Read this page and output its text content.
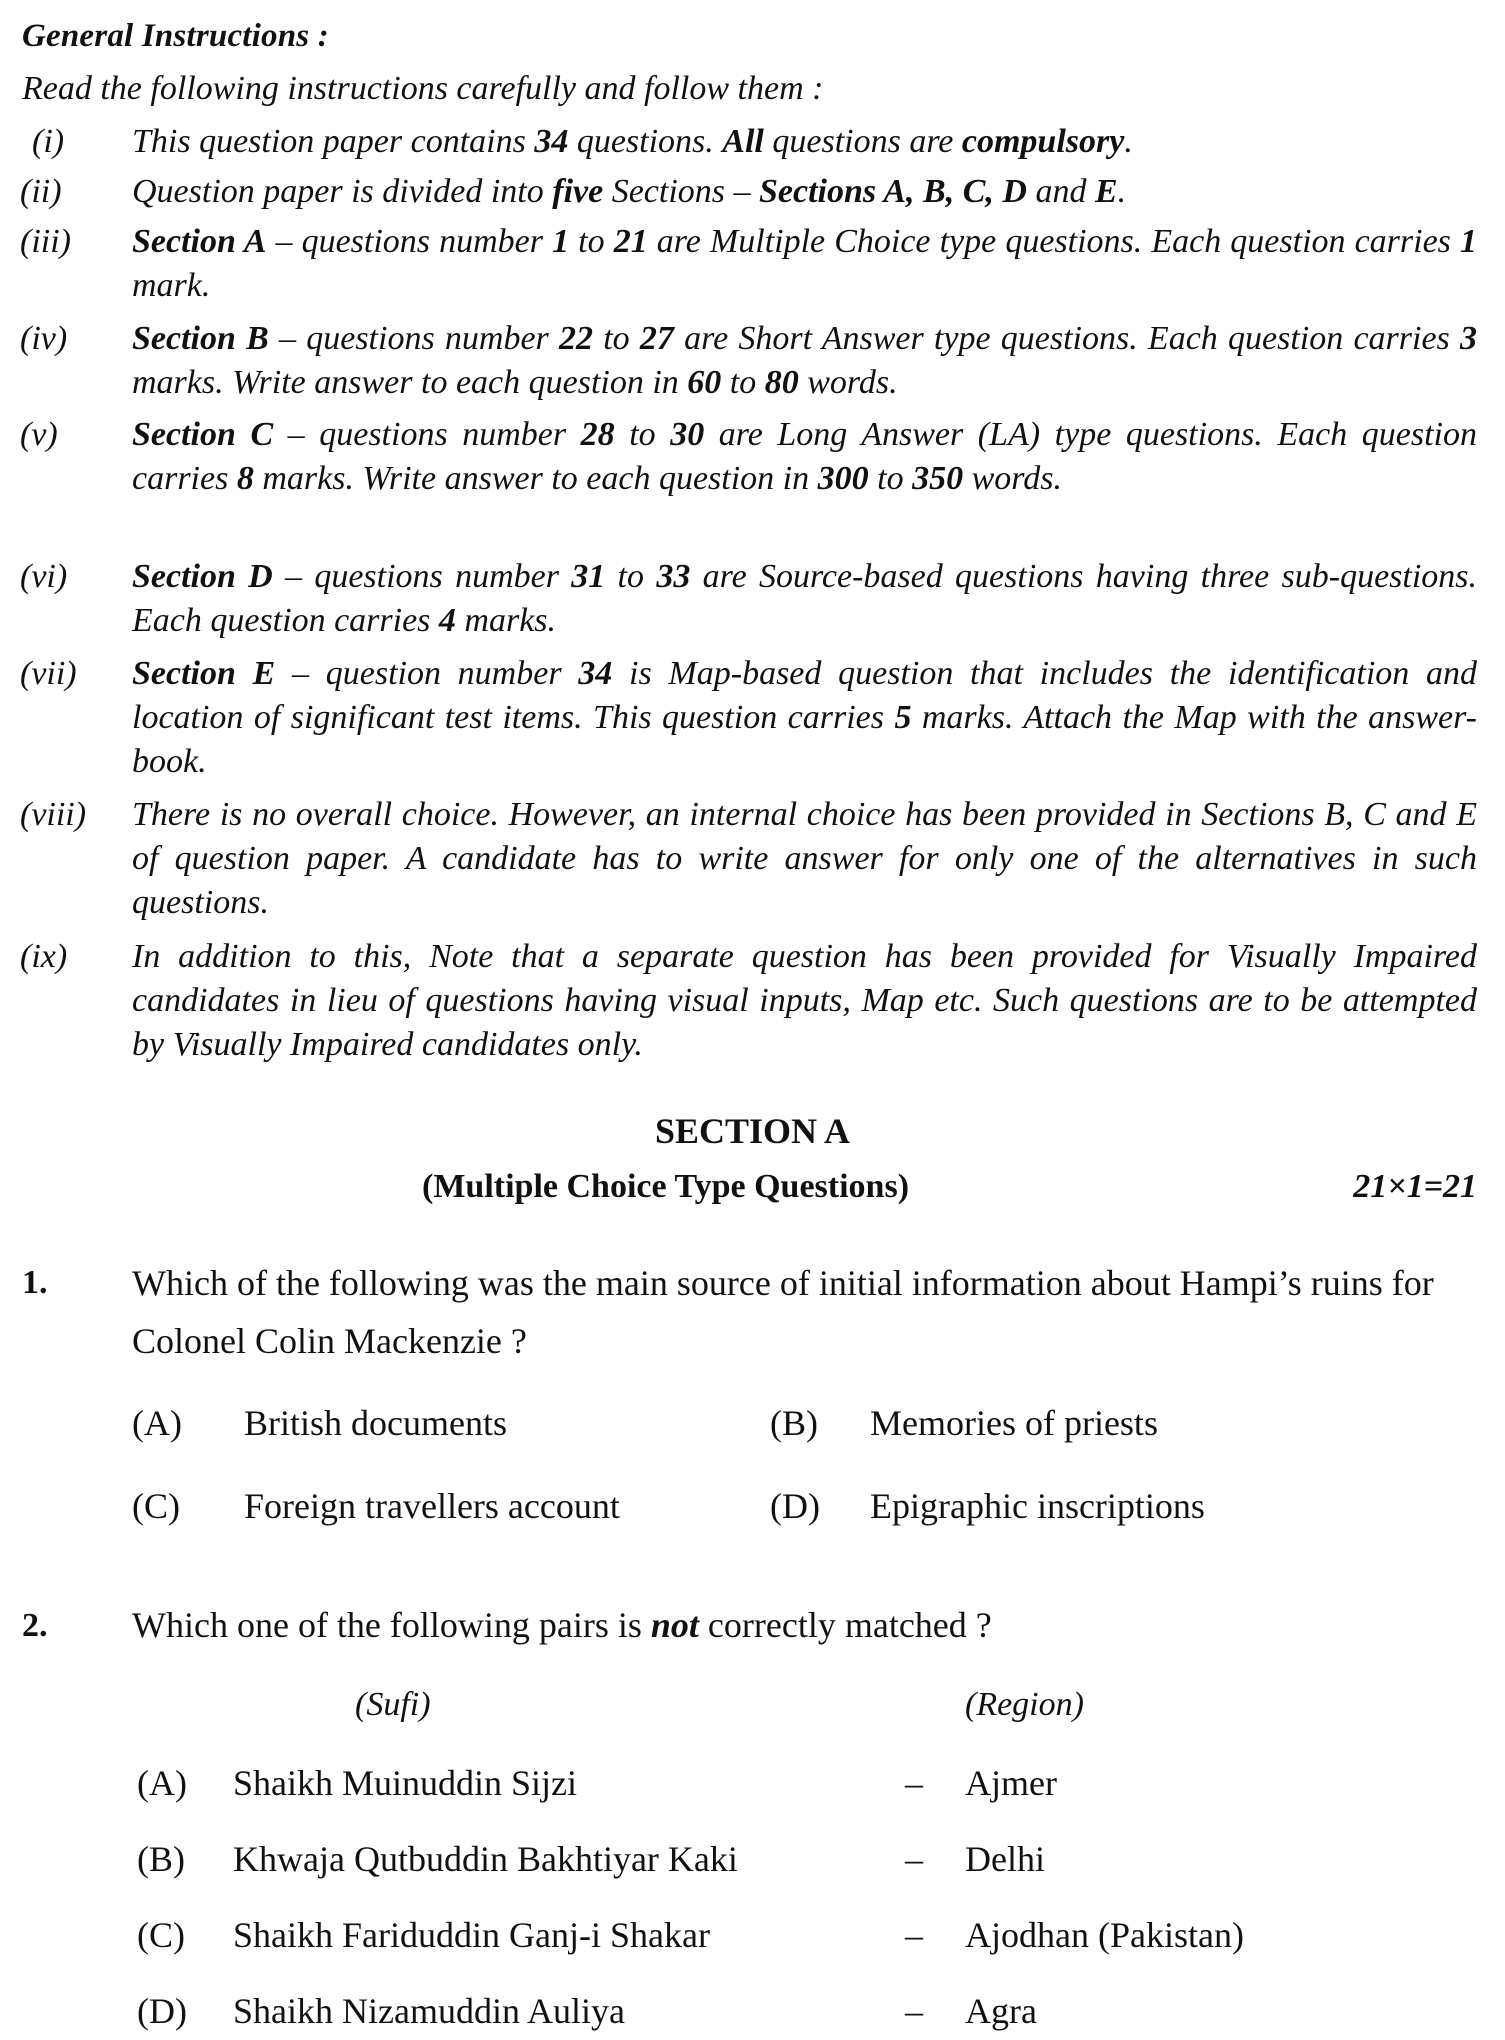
General Instructions :
Read the following instructions carefully and follow them :
(i)	This question paper contains 34 questions. All questions are compulsory.
(ii)	Question paper is divided into five Sections – Sections A, B, C, D and E.
(iii)	Section A – questions number 1 to 21 are Multiple Choice type questions. Each question carries 1 mark.
(iv)	Section B – questions number 22 to 27 are Short Answer type questions. Each question carries 3 marks. Write answer to each question in 60 to 80 words.
(v)	Section C – questions number 28 to 30 are Long Answer (LA) type questions. Each question carries 8 marks. Write answer to each question in 300 to 350 words.
(vi)	Section D – questions number 31 to 33 are Source-based questions having three sub-questions. Each question carries 4 marks.
(vii)	Section E – question number 34 is Map-based question that includes the identification and location of significant test items. This question carries 5 marks. Attach the Map with the answer-book.
(viii)	There is no overall choice. However, an internal choice has been provided in Sections B, C and E of question paper. A candidate has to write answer for only one of the alternatives in such questions.
(ix)	In addition to this, Note that a separate question has been provided for Visually Impaired candidates in lieu of questions having visual inputs, Map etc. Such questions are to be attempted by Visually Impaired candidates only.
SECTION A
(Multiple Choice Type Questions)	21×1=21
1. Which of the following was the main source of initial information about Hampi’s ruins for Colonel Colin Mackenzie ?
(A) British documents	(B) Memories of priests
(C) Foreign travellers account	(D) Epigraphic inscriptions
2. Which one of the following pairs is not correctly matched ?
(Sufi)	(Region)
(A) Shaikh Muinuddin Sijzi	– Ajmer
(B) Khwaja Qutbuddin Bakhtiyar Kaki	– Delhi
(C) Shaikh Fariduddin Ganj-i Shakar	– Ajodhan (Pakistan)
(D) Shaikh Nizamuddin Auliya	– Agra
